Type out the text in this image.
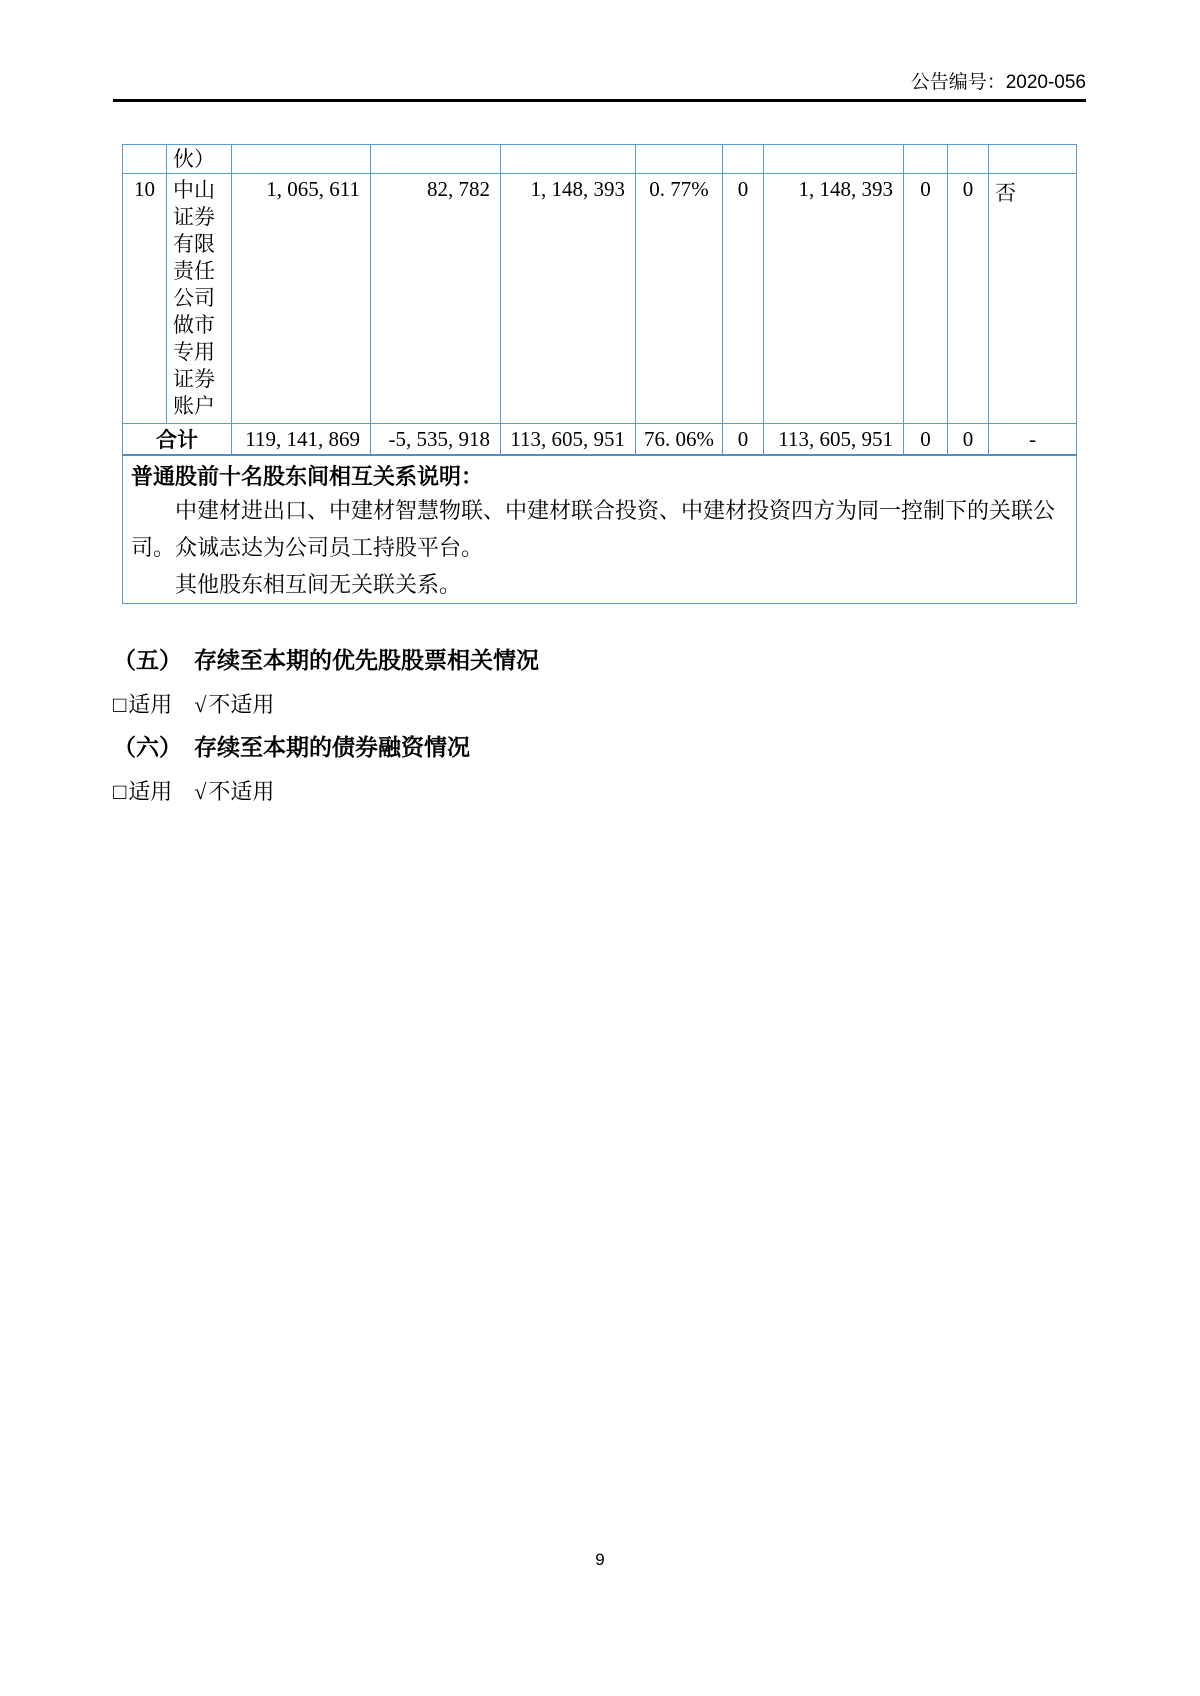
公告编号：2020-056
	伙）									
10	中山证券有限责任公司做市专用证券账户	1, 065, 611	82, 782	1, 148, 393	0. 77%	0	1, 148, 393	0	0	否
合计		119, 141, 869	-5, 535, 918	113, 605, 951	76. 06%	0	113, 605, 951	0	0	-

普通股前十名股东间相互关系说明：

中建材进出口、中建材智慧物联、中建材联合投资、中建材投资四方为同一控制下的关联公司。众诚志达为公司员工持股平台。

其他股东相互间无关联关系。										

（五） 存续至本期的优先股股票相关情况
□适用 √不适用
（六） 存续至本期的债券融资情况
□适用 √不适用
9
